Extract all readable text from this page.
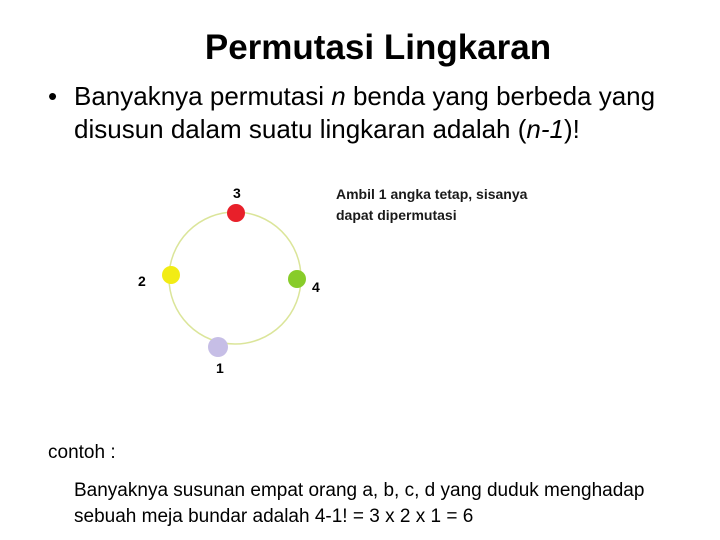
Permutasi Lingkaran
• Banyaknya permutasi n benda yang berbeda yang disusun dalam suatu lingkaran adalah (n-1)!
3
2	4
1
Ambil 1 angka tetap, sisanya
dapat dipermutasi
contoh :
Banyaknya susunan empat orang a, b, c, d yang duduk menghadap sebuah meja bundar adalah 4-1! = 3 x 2 x 1 = 6
